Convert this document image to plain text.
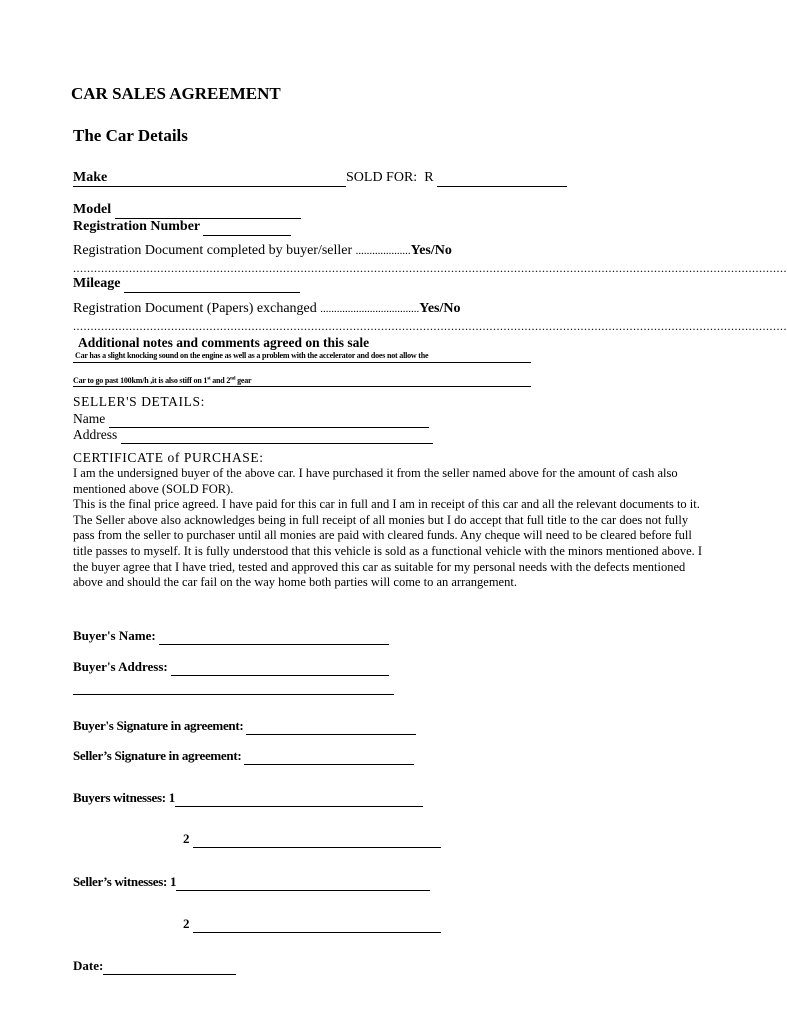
CAR SALES AGREEMENT
The Car Details
Make	SOLD FOR: R
Model
Registration Number
Registration Document completed by buyer/seller ....................Yes/No
............................................................................................................................................................................................................
Mileage
Registration Document (Papers) exchanged ....................................Yes/No
............................................................................................................................................................................................................
Additional notes and comments agreed on this sale
Car has a slight knocking sound on the engine as well as a problem with the accelerator and does not allow the
Car to go past 100km/h ,it is also stiff on 1st and 2nd gear
SELLER'S DETAILS:
Name
Address
CERTIFICATE of PURCHASE:

I am the undersigned buyer of the above car. I have purchased it from the seller named above for the amount of cash also mentioned above (SOLD FOR).

This is the final price agreed. I have paid for this car in full and I am in receipt of this car and all the relevant documents to it.

The Seller above also acknowledges being in full receipt of all monies but I do accept that full title to the car does not fully pass from the seller to purchaser until all monies are paid with cleared funds. Any cheque will need to be cleared before full title passes to myself. It is fully understood that this vehicle is sold as a functional vehicle with the minors mentioned above. I the buyer agree that I have tried, tested and approved this car as suitable for my personal needs with the defects mentioned above and should the car fail on the way home both parties will come to an arrangement.

Buyer's Name:
Buyer's Address:
Buyer's Signature in agreement:
Seller’s Signature in agreement:
Buyers witnesses: 1
2
Seller’s witnesses: 1
2
Date:
